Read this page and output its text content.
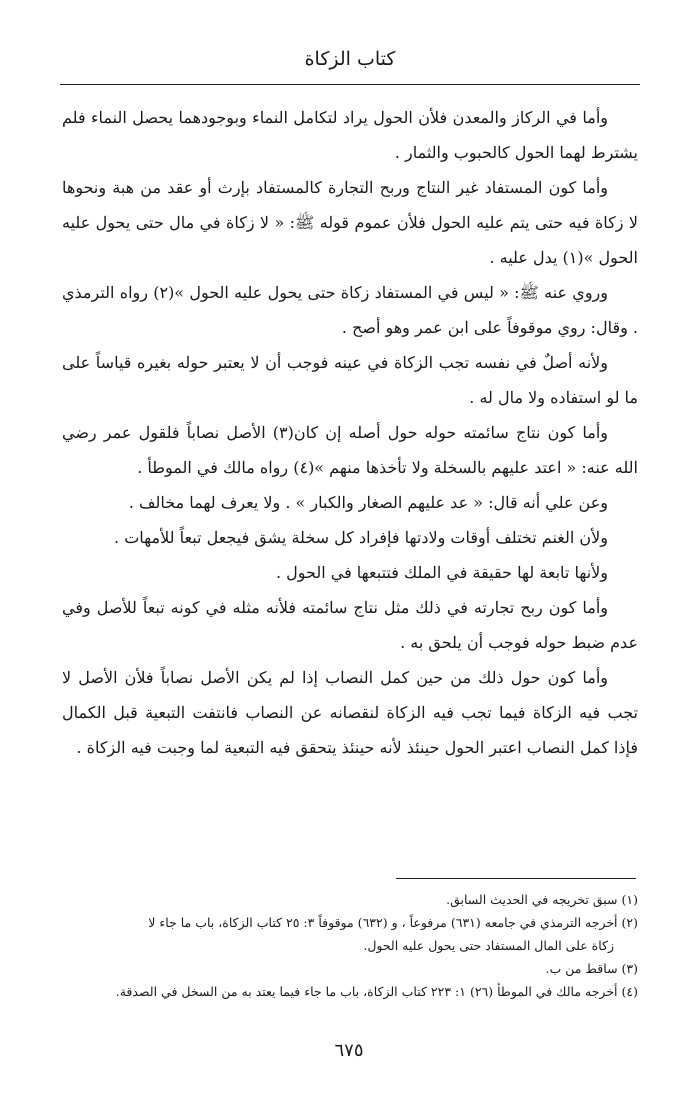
كتاب الزكاة

وأما في الركاز والمعدن فلأن الحول يراد لتكامل النماء وبوجودهما يحصل النماء فلم يشترط لهما الحول كالحبوب والثمار .

وأما كون المستفاد غير النتاج وربح التجارة كالمستفاد بإرث أو عقد من هبة ونحوها لا زكاة فيه حتى يتم عليه الحول فلأن عموم قوله ﷺ: « لا زكاة في مال حتى يحول عليه الحول »(١) يدل عليه .

وروي عنه ﷺ: « ليس في المستفاد زكاة حتى يحول عليه الحول »(٢) رواه الترمذي . وقال: روي موقوفاً على ابن عمر وهو أصح .

ولأنه أصلٌ في نفسه تجب الزكاة في عينه فوجب أن لا يعتبر حوله بغيره قياساً على ما لو استفاده ولا مال له .

وأما كون نتاج سائمته حوله حول أصله إن كان(٣) الأصل نصاباً فلقول عمر رضي الله عنه: « اعتد عليهم بالسخلة ولا تأخذها منهم »(٤) رواه مالك في الموطأ .

وعن علي أنه قال: « عد عليهم الصغار والكبار » . ولا يعرف لهما مخالف .

ولأن الغنم تختلف أوقات ولادتها فإفراد كل سخلة يشق فيجعل تبعاً للأمهات .

ولأنها تابعة لها حقيقة في الملك فتتبعها في الحول .

وأما كون ربح تجارته في ذلك مثل نتاج سائمته فلأنه مثله في كونه تبعاً للأصل وفي عدم ضبط حوله فوجب أن يلحق به .

وأما كون حول ذلك من حين كمل النصاب إذا لم يكن الأصل نصاباً فلأن الأصل لا تجب فيه الزكاة فيما تجب فيه الزكاة لنقصانه عن النصاب فانتفت التبعية قبل الكمال فإذا كمل النصاب اعتبر الحول حينئذ لأنه حينئذ يتحقق فيه التبعية لما وجبت فيه الزكاة .

(١) سبق تخريجه في الحديث السابق.

(٢) أخرجه الترمذي في جامعه (٦٣١) مرفوعاً ، و (٦٣٢) موقوفاً ٣: ٢٥ كتاب الزكاة، باب ما جاء لا

زكاة على المال المستفاد حتى يحول عليه الحول.

(٣) ساقط من ب.

(٤) أخرجه مالك في الموطأ (٢٦) ١: ٢٢٣ كتاب الزكاة، باب ما جاء فيما يعتد به من السخل في الصدقة.

٦٧٥
